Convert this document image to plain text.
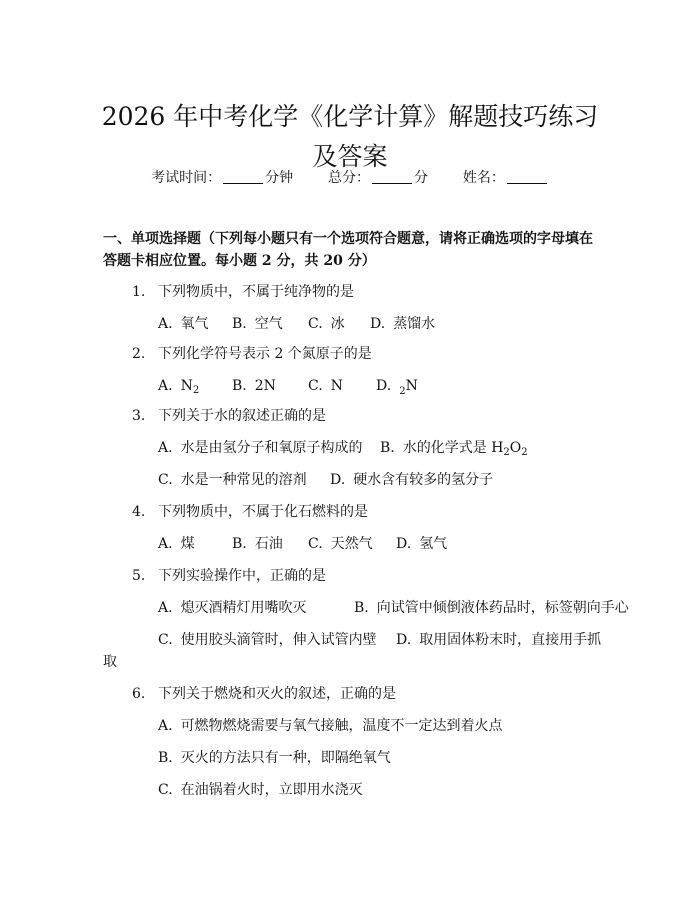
2026 年中考化学《化学计算》解题技巧练习
及答案
考试时间：	分钟 总分：	分 姓名：
一、单项选择题（下列每小题只有一个选项符合题意，请将正确选项的字母填在答题卡相应位置。每小题 2 分，共 20 分）
1. 下列物质中，不属于纯净物的是
A. 氧气 B. 空气 C. 冰 D. 蒸馏水
2. 下列化学符号表示 2 个氮原子的是
A. $N_2$ B. 2N C. N D. $_2$N
3. 下列关于水的叙述正确的是
A. 水是由氢分子和氧原子构成的 B. 水的化学式是 $H_2O_2$
C. 水是一种常见的溶剂 D. 硬水含有较多的氢分子
4. 下列物质中，不属于化石燃料的是
A. 煤	B. 石油 C. 天然气 D. 氢气
5. 下列实验操作中，正确的是
A. 熄灭酒精灯用嘴吹灭	B. 向试管中倾倒液体药品时，标签朝向手心
C. 使用胶头滴管时，伸入试管内壁 D. 取用固体粉末时，直接用手抓
取
6. 下列关于燃烧和灭火的叙述，正确的是
A. 可燃物燃烧需要与氧气接触，温度不一定达到着火点
B. 灭火的方法只有一种，即隔绝氧气
C. 在油锅着火时，立即用水浇灭
